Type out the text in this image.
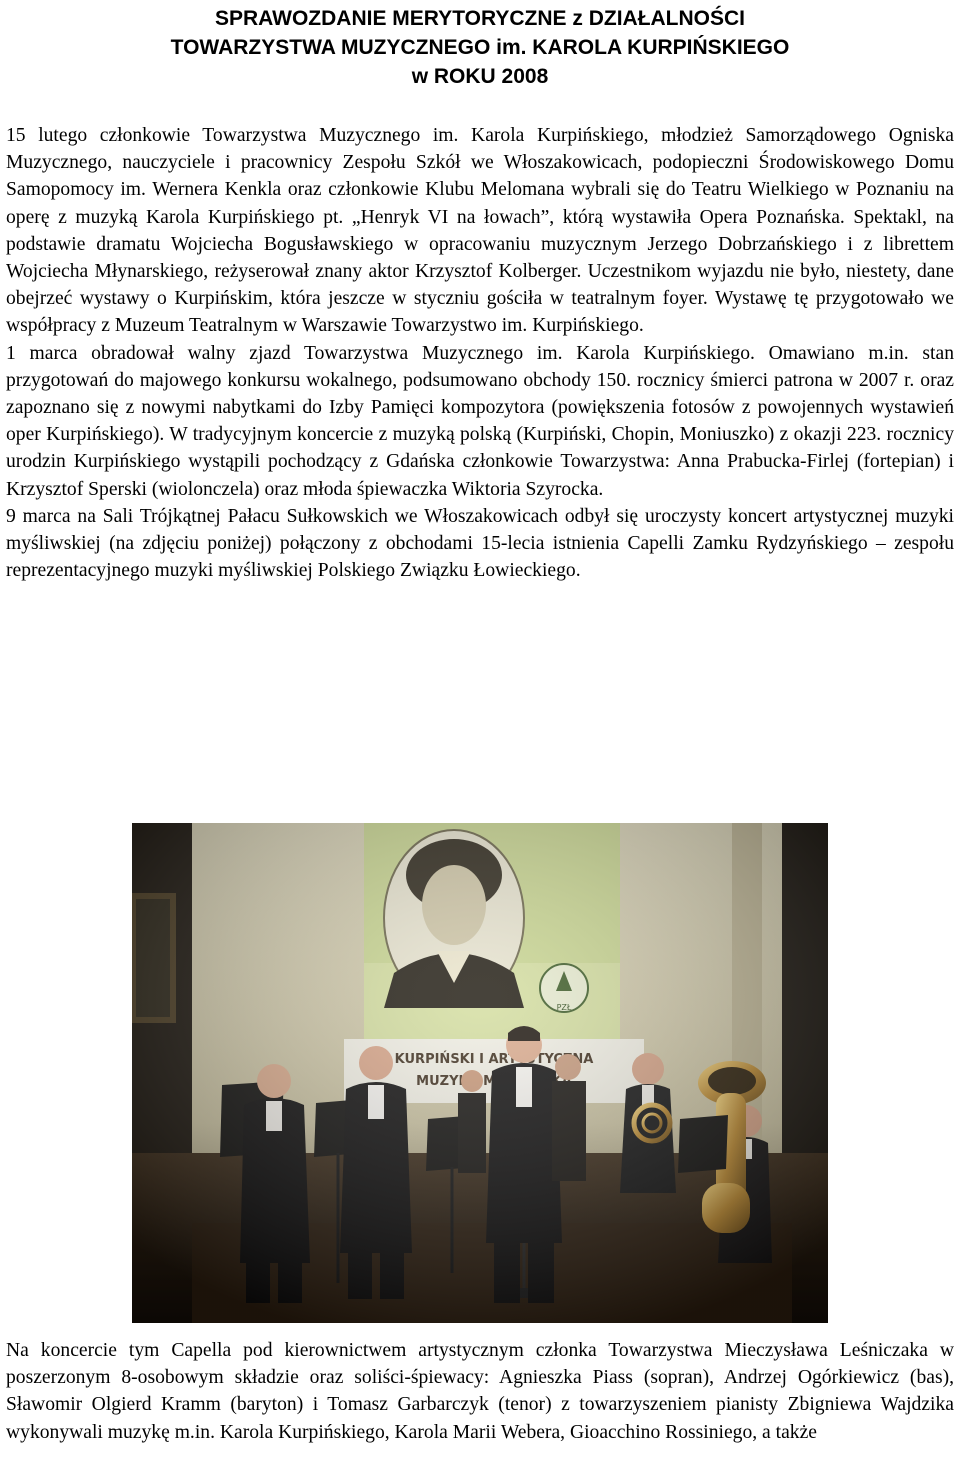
SPRAWOZDANIE MERYTORYCZNE z DZIAŁALNOŚCI
TOWARZYSTWA MUZYCZNEGO im. KAROLA KURPIŃSKIEGO
w ROKU 2008

15 lutego członkowie Towarzystwa Muzycznego im. Karola Kurpińskiego, młodzież Samorządowego Ogniska Muzycznego, nauczyciele i pracownicy Zespołu Szkół we Włoszakowicach, podopieczni Środowiskowego Domu Samopomocy im. Wernera Kenkla oraz członkowie Klubu Melomana wybrali się do Teatru Wielkiego w Poznaniu na operę z muzyką Karola Kurpińskiego pt. „Henryk VI na łowach”, którą wystawiła Opera Poznańska. Spektakl, na podstawie dramatu Wojciecha Bogusławskiego w opracowaniu muzycznym Jerzego Dobrzańskiego i z librettem Wojciecha Młynarskiego, reżyserował znany aktor Krzysztof Kolberger. Uczestnikom wyjazdu nie było, niestety, dane obejrzeć wystawy o Kurpińskim, która jeszcze w styczniu gościła w teatralnym foyer. Wystawę tę przygotowało we współpracy z Muzeum Teatralnym w Warszawie Towarzystwo im. Kurpińskiego.

1 marca obradował walny zjazd Towarzystwa Muzycznego im. Karola Kurpińskiego. Omawiano m.in. stan przygotowań do majowego konkursu wokalnego, podsumowano obchody 150. rocznicy śmierci patrona w 2007 r. oraz zapoznano się z nowymi nabytkami do Izby Pamięci kompozytora (powiększenia fotosów z powojennych wystawień oper Kurpińskiego). W tradycyjnym koncercie z muzyką polską (Kurpiński, Chopin, Moniuszko) z okazji 223. rocznicy urodzin Kurpińskiego wystąpili pochodzący z Gdańska członkowie Towarzystwa: Anna Prabucka-Firlej (fortepian) i Krzysztof Sperski (wiolonczela) oraz młoda śpiewaczka Wiktoria Szyrocka.

9 marca na Sali Trójkątnej Pałacu Sułkowskich we Włoszakowicach odbył się uroczysty koncert artystycznej muzyki myśliwskiej (na zdjęciu poniżej) połączony z obchodami 15-lecia istnienia Capelli Zamku Rydzyńskiego – zespołu reprezentacyjnego muzyki myśliwskiej Polskiego Związku Łowieckiego.

Na koncercie tym Capella pod kierownictwem artystycznym członka Towarzystwa Mieczysława Leśniczaka w poszerzonym 8-osobowym składzie oraz soliści-śpiewacy: Agnieszka Piass (sopran), Andrzej Ogórkiewicz (bas), Sławomir Olgierd Kramm (baryton) i Tomasz Garbarczyk (tenor) z towarzyszeniem pianisty Zbigniewa Wajdzika wykonywali muzykę m.in. Karola Kurpińskiego, Karola Marii Webera, Gioacchino Rossiniego, a także
